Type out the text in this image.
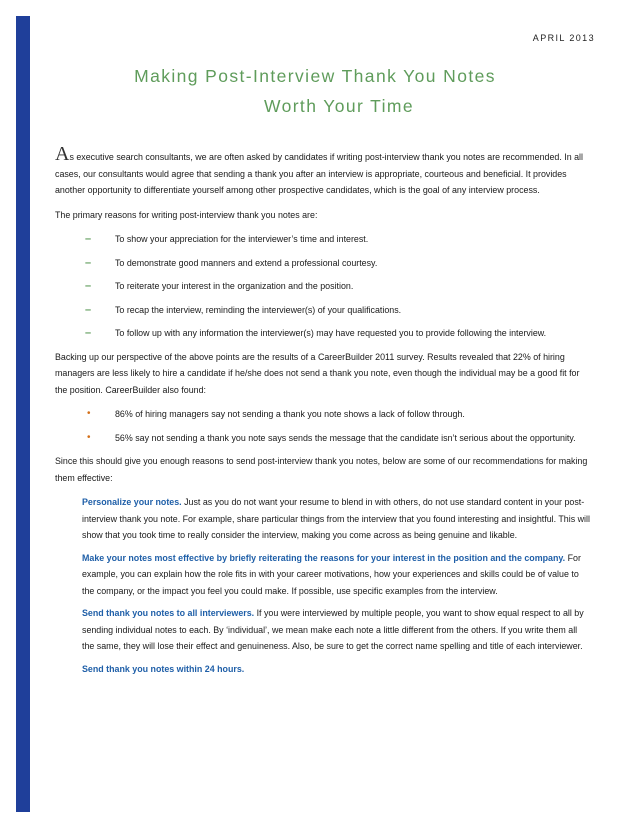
APRIL 2013
Making Post-Interview Thank You Notes
Worth Your Time

As executive search consultants, we are often asked by candidates if writing post-interview thank you notes are recommended. In all cases, our consultants would agree that sending a thank you after an interview is appropriate, courteous and beneficial. It provides another opportunity to differentiate yourself among other prospective candidates, which is the goal of any interview process.

The primary reasons for writing post-interview thank you notes are:

–	To show your appreciation for the interviewer’s time and interest.
–	To demonstrate good manners and extend a professional courtesy.
–	To reiterate your interest in the organization and the position.
–	To recap the interview, reminding the interviewer(s) of your qualifications.
–	To follow up with any information the interviewer(s) may have requested you to provide following the interview.

Backing up our perspective of the above points are the results of a CareerBuilder 2011 survey. Results revealed that 22% of hiring managers are less likely to hire a candidate if he/she does not send a thank you note, even though the individual may be a good fit for the position. CareerBuilder also found:

•	86% of hiring managers say not sending a thank you note shows a lack of follow through.
•	56% say not sending a thank you note says sends the message that the candidate isn’t serious about the opportunity.

Since this should give you enough reasons to send post-interview thank you notes, below are some of our recommendations for making them effective:

Personalize your notes. Just as you do not want your resume to blend in with others, do not use standard content in your post-interview thank you note. For example, share particular things from the interview that you found interesting and insightful. This will show that you took time to really consider the interview, making you come across as being genuine and likable.

Make your notes most effective by briefly reiterating the reasons for your interest in the position and the company. For example, you can explain how the role fits in with your career motivations, how your experiences and skills could be of value to the company, or the impact you feel you could make. If possible, use specific examples from the interview.

Send thank you notes to all interviewers. If you were interviewed by multiple people, you want to show equal respect to all by sending individual notes to each. By ‘individual’, we mean make each note a little different from the others. If you write them all the same, they will lose their effect and genuineness. Also, be sure to get the correct name spelling and title of each interviewer.

Send thank you notes within 24 hours.
